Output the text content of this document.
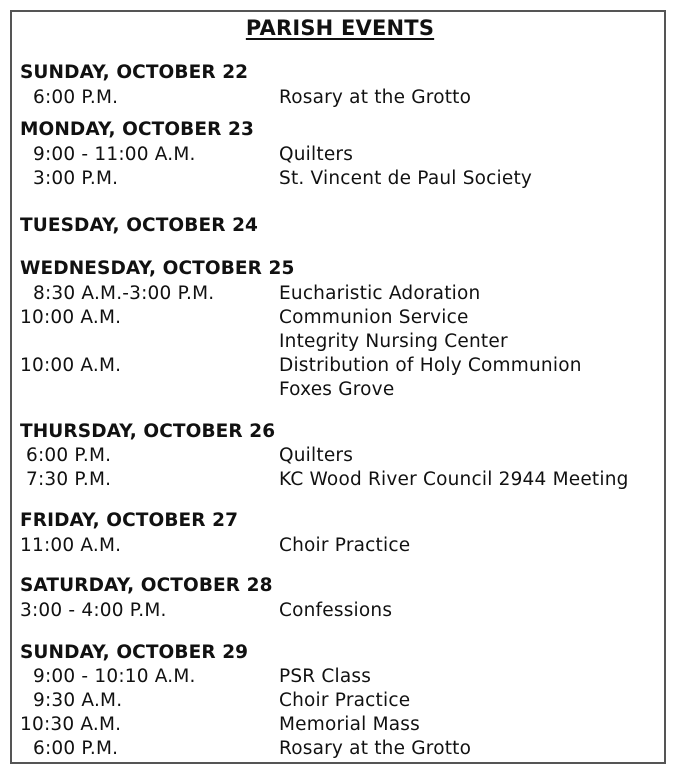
PARISH EVENTS
SUNDAY, OCTOBER 22
6:00 P.M.	Rosary at the Grotto
MONDAY, OCTOBER 23
9:00 - 11:00 A.M.	Quilters
3:00 P.M.	St. Vincent de Paul Society
TUESDAY, OCTOBER 24
WEDNESDAY, OCTOBER 25
8:30 A.M.-3:00 P.M.	Eucharistic Adoration
10:00 A.M.	Communion Service
Integrity Nursing Center
10:00 A.M.	Distribution of Holy Communion
Foxes Grove
THURSDAY, OCTOBER 26
6:00 P.M.	Quilters
7:30 P.M.	KC Wood River Council 2944 Meeting
FRIDAY, OCTOBER 27
11:00 A.M.	Choir Practice
SATURDAY, OCTOBER 28
3:00 - 4:00 P.M.	Confessions
SUNDAY, OCTOBER 29
9:00 - 10:10 A.M.	PSR Class
9:30 A.M.	Choir Practice
10:30 A.M.	Memorial Mass
6:00 P.M.	Rosary at the Grotto
